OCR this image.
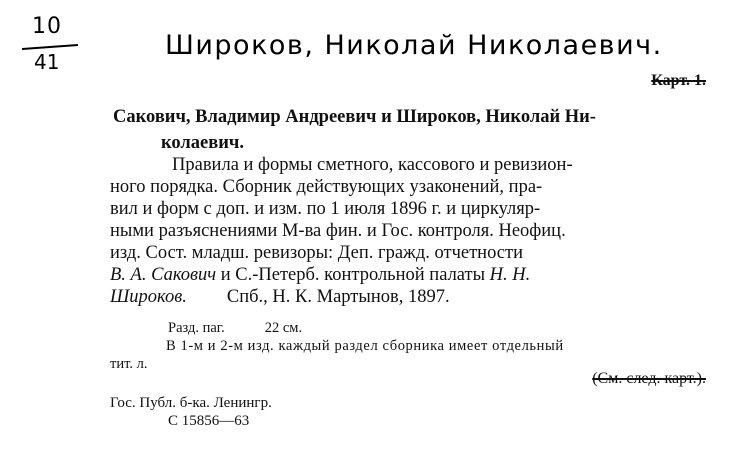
10
41
Широков, Николай Николаевич.
Карт. 1.
Сакович, Владимир Андреевич и Широков, Николай Ни-
колаевич.
Правила и формы сметного, кассового и ревизион-
ного порядка. Сборник действующих узаконений, пра-
вил и форм с доп. и изм. по 1 июля 1896 г. и циркуляр-
ными разъяснениями М-ва фин. и Гос. контроля. Неофиц.
изд. Сост. младш. ревизоры: Деп. гражд. отчетности
В. А. Сакович и С.-Петерб. контрольной палаты Н. Н.
Широков. Спб., Н. К. Мартынов, 1897.
Разд. паг.	22 см.
В 1-м и 2-м изд. каждый раздел сборника имеет отдельный
тит. л.
(См. след. карт.).
Гос. Публ. б-ка. Ленингр.
С 15856—63
